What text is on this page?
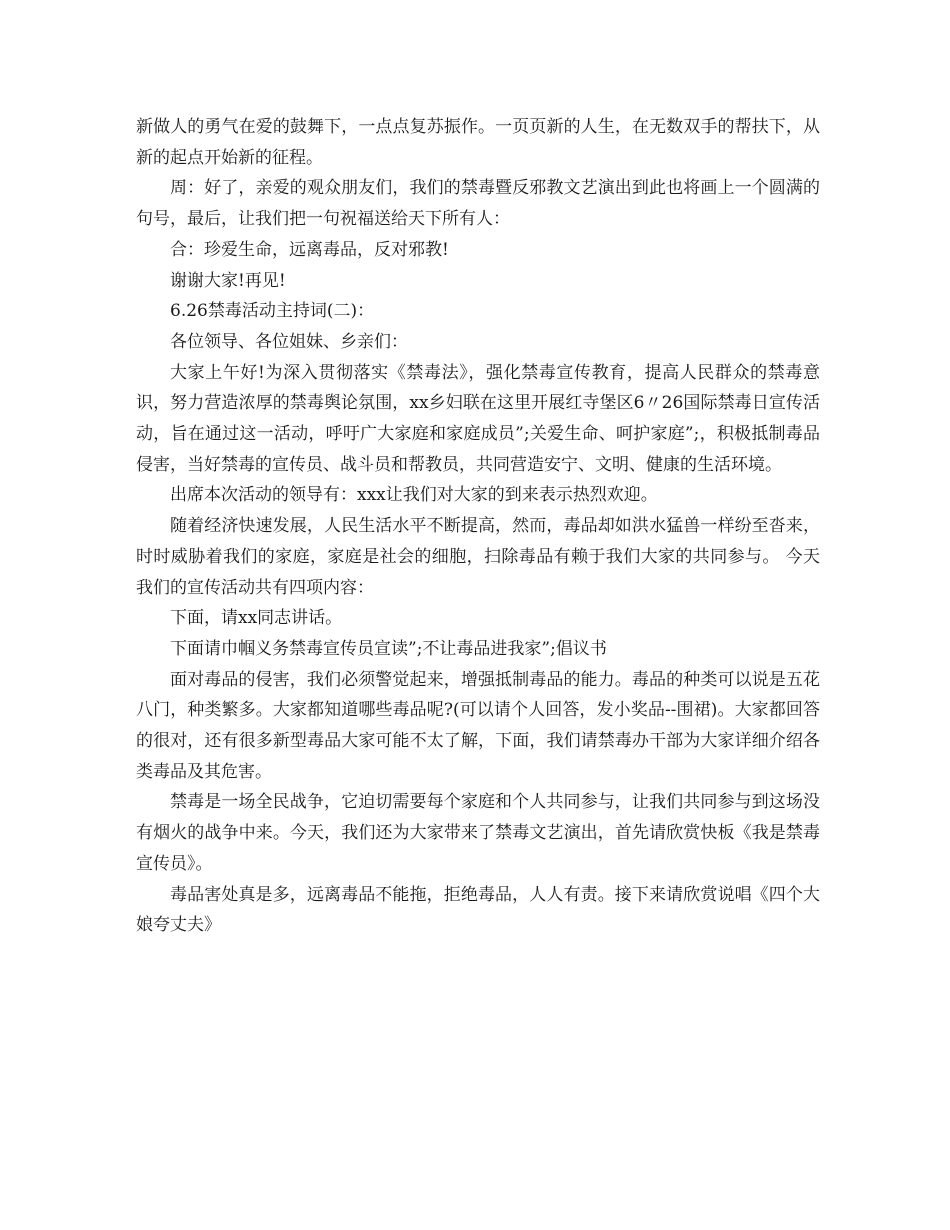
新做人的勇气在爱的鼓舞下，一点点复苏振作。一页页新的人生，在无数双手的帮扶下，从新的起点开始新的征程。

周：好了，亲爱的观众朋友们，我们的禁毒暨反邪教文艺演出到此也将画上一个圆满的句号，最后，让我们把一句祝福送给天下所有人：

合：珍爱生命，远离毒品，反对邪教!

谢谢大家!再见!

6.26禁毒活动主持词(二)：

各位领导、各位姐妹、乡亲们：

大家上午好!为深入贯彻落实《禁毒法》，强化禁毒宣传教育，提高人民群众的禁毒意识，努力营造浓厚的禁毒舆论氛围，xx乡妇联在这里开展红寺堡区6〃26国际禁毒日宣传活动，旨在通过这一活动，呼吁广大家庭和家庭成员”;关爱生命、呵护家庭”;，积极抵制毒品侵害，当好禁毒的宣传员、战斗员和帮教员，共同营造安宁、文明、健康的生活环境。

出席本次活动的领导有：xxx让我们对大家的到来表示热烈欢迎。

随着经济快速发展，人民生活水平不断提高，然而，毒品却如洪水猛兽一样纷至沓来，时时威胁着我们的家庭，家庭是社会的细胞，扫除毒品有赖于我们大家的共同参与。 今天我们的宣传活动共有四项内容：

下面，请xx同志讲话。

下面请巾帼义务禁毒宣传员宣读”;不让毒品进我家”;倡议书

面对毒品的侵害，我们必须警觉起来，增强抵制毒品的能力。毒品的种类可以说是五花八门，种类繁多。大家都知道哪些毒品呢?(可以请个人回答，发小奖品--围裙)。大家都回答的很对，还有很多新型毒品大家可能不太了解，下面，我们请禁毒办干部为大家详细介绍各类毒品及其危害。

禁毒是一场全民战争，它迫切需要每个家庭和个人共同参与，让我们共同参与到这场没有烟火的战争中来。今天，我们还为大家带来了禁毒文艺演出，首先请欣赏快板《我是禁毒宣传员》。

毒品害处真是多，远离毒品不能拖，拒绝毒品，人人有责。接下来请欣赏说唱《四个大娘夸丈夫》
